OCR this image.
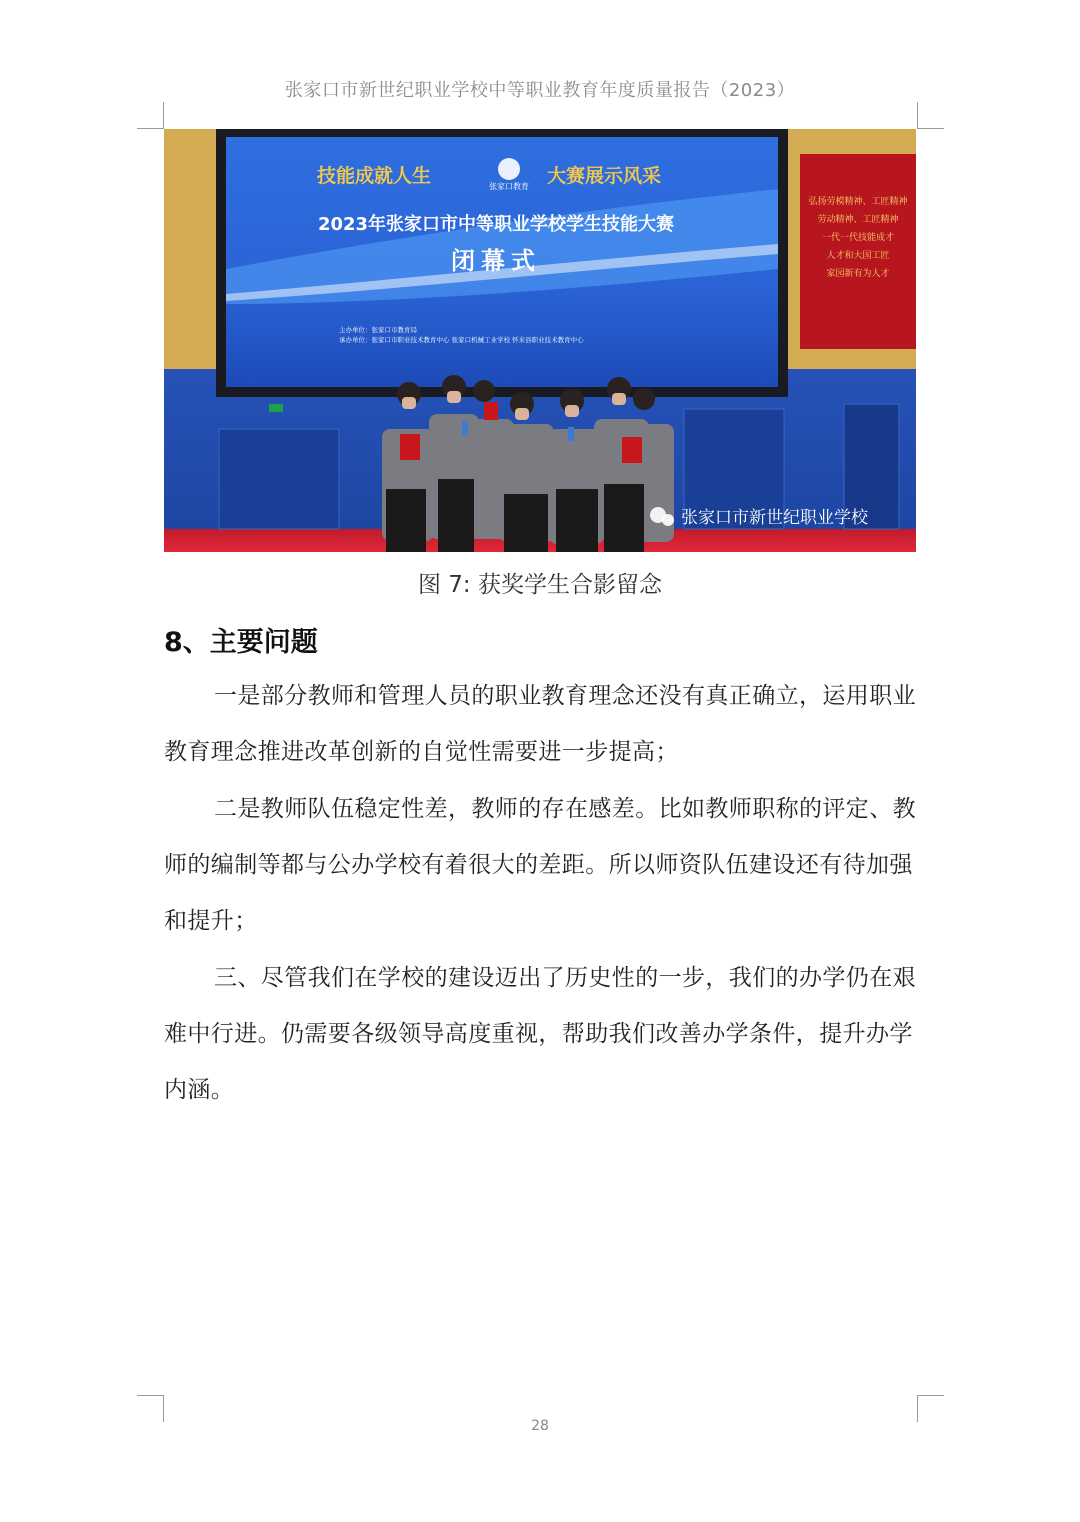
张家口市新世纪职业学校中等职业教育年度质量报告（2023）
技能成就人生	大赛展示风采
张家口教育
2023年张家口市中等职业学校学生技能大赛
闭幕式
主办单位：张家口市教育局
承办单位：张家口市职业技术教育中心 张家口机械工业学校 怀来县职业技术教育中心
弘扬劳模精神、工匠精神
劳动精神、工匠精神
一代一代技能成才
人才和大国工匠
家园新有为人才
张家口市新世纪职业学校
图 7: 获奖学生合影留念
8、主要问题

一是部分教师和管理人员的职业教育理念还没有真正确立，运用职业教育理念推进改革创新的自觉性需要进一步提高；

二是教师队伍稳定性差，教师的存在感差。比如教师职称的评定、教师的编制等都与公办学校有着很大的差距。所以师资队伍建设还有待加强和提升；

三、尽管我们在学校的建设迈出了历史性的一步，我们的办学仍在艰难中行进。仍需要各级领导高度重视，帮助我们改善办学条件，提升办学内涵。

28
